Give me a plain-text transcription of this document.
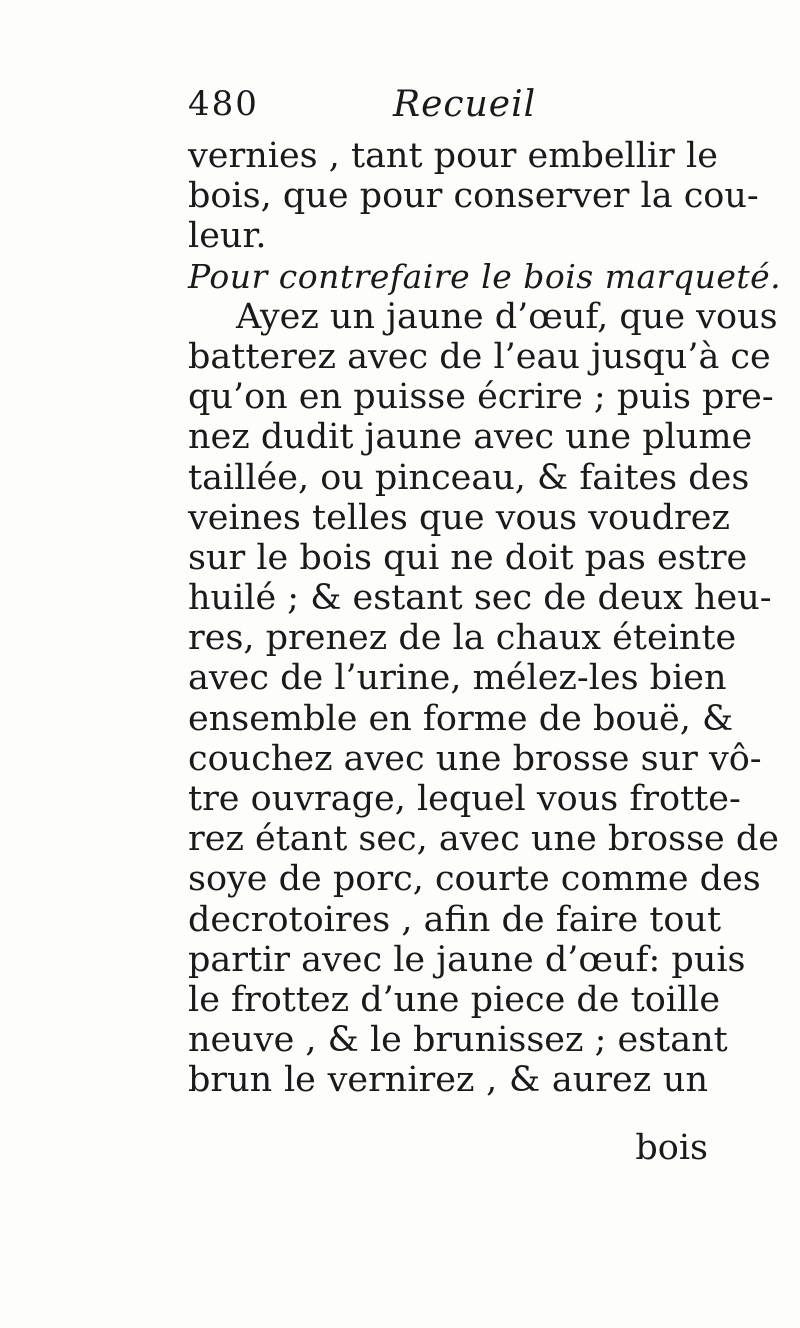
480	Recueil
vernies , tant pour embellir le
bois, que pour conserver la cou-
leur.
Pour contrefaire le bois marqueté.
Ayez un jaune d’œuf, que vous
batterez avec de l’eau jusqu’à ce
qu’on en puisse écrire ; puis pre-
nez dudit jaune avec une plume
taillée, ou pinceau, & faites des
veines telles que vous voudrez
sur le bois qui ne doit pas estre
huilé ; & estant sec de deux heu-
res, prenez de la chaux éteinte
avec de l’urine, mélez-les bien
ensemble en forme de bouë, &
couchez avec une brosse sur vô-
tre ouvrage, lequel vous frotte-
rez étant sec, avec une brosse de
soye de porc, courte comme des
decrotoires , afin de faire tout
partir avec le jaune d’œuf: puis
le frottez d’une piece de toille
neuve , & le brunissez ; estant
brun le vernirez , & aurez un
bois
